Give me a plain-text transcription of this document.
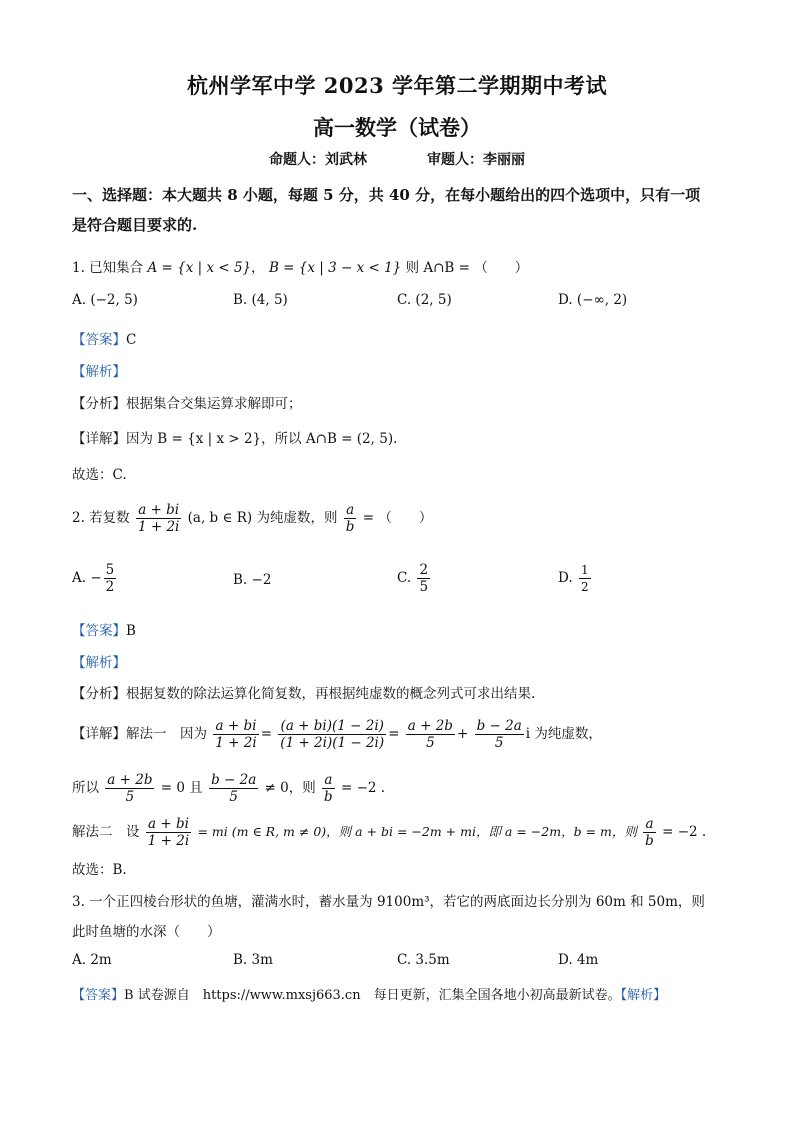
杭州学军中学 2023 学年第二学期期中考试
高一数学（试卷）
命题人：刘武林	审题人：李丽丽
一、选择题：本大题共 8 小题，每题 5 分，共 40 分，在每小题给出的四个选项中，只有一项
是符合题目要求的.
1. 已知集合 A = {x | x < 5}， B = {x | 3 − x < 1} 则 A∩B = （　　）
A. (−2, 5)	B. (4, 5)	C. (2, 5)	D. (−∞, 2)
【答案】C
【解析】
【分析】根据集合交集运算求解即可；
【详解】因为 B = {x | x > 2}，所以 A∩B = (2, 5).
故选：C.
2. 若复数 $\frac{a + bi}{1 + 2i} (a$, b ∈ R) 为纯虚数，则 $\frac{a}{b}$ = （　　）
A. − $\frac{5}{2}$	B. −2	C. $\frac{2}{5}$	D. $\frac{1}{2}$
【答案】B
【解析】
【分析】根据复数的除法运算化简复数，再根据纯虚数的概念列式可求出结果.
【详解】解法一　因为 $\frac{a + bi}{1 + 2i} = \frac{(a + bi)(1 - 2i)}{(1 + 2i)(1 - 2i)} = \frac{a + 2b}{5} + \frac{b - 2a}{5}$ i 为纯虚数，
所以 $\frac{a + 2b}{5} = 0$ 且 $\frac{b - 2a}{5} \ne 0$，则 $\frac{a}{b} = -2$ .
解法二　设 $\frac{a + bi}{1 + 2i}$ = mi (m ∈ R, m ≠ 0)，则 a + bi = −2m + mi，即 a = −2m，b = m，则 $\frac{a}{b} = -2$ .
故选：B.
3. 一个正四棱台形状的鱼塘，灌满水时，蓄水量为 9100m³，若它的两底面边长分别为 60m 和 50m，则
此时鱼塘的水深（　　）
A. 2m	B. 3m	C. 3.5m	D. 4m
【答案】B 试卷源自　https://www.mxsj663.cn　每日更新，汇集全国各地小初高最新试卷。【解析】
